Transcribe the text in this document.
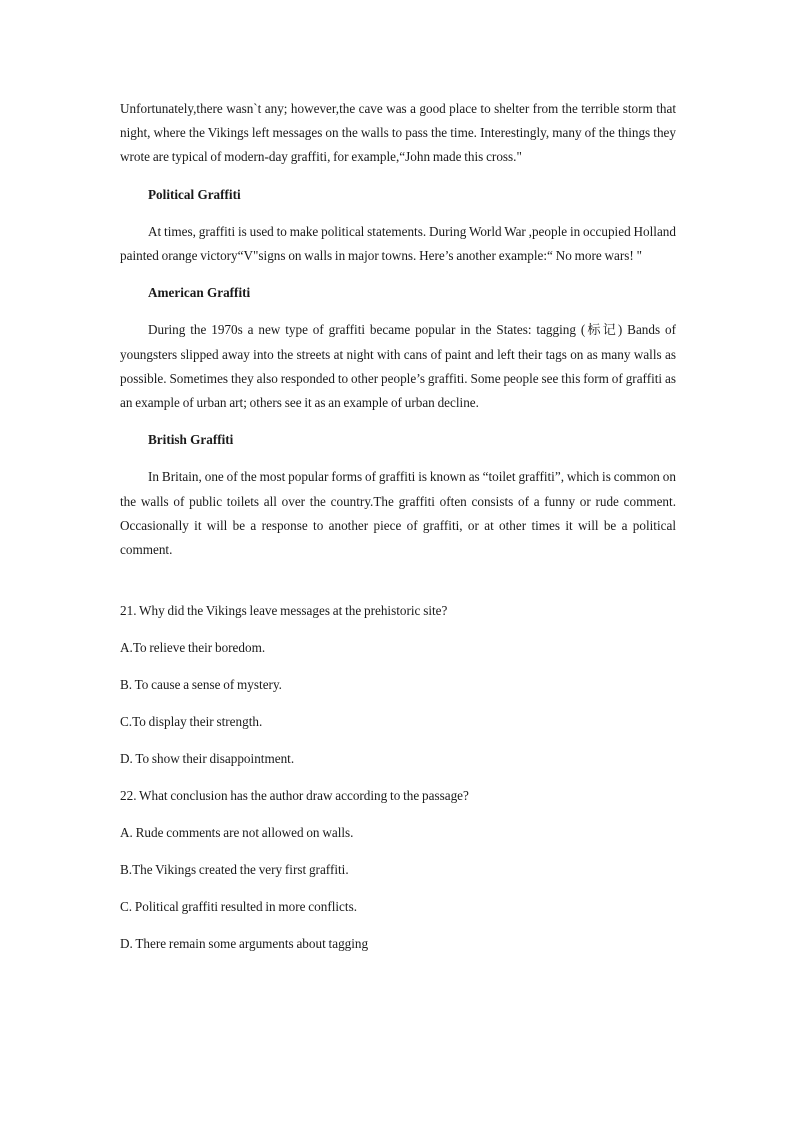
Unfortunately,there wasn`t any; however,the cave was a good place to shelter from the terrible storm that night, where the Vikings left messages on the walls to pass the time. Interestingly, many of the things they wrote are typical of modern-day graffiti, for example,“John made this cross."

Political Graffiti

At times, graffiti is used to make political statements. During World War ,people in occupied Holland painted orange victory“V"signs on walls in major towns. Here’s another example:“ No more wars! "

American Graffiti

During the 1970s a new type of graffiti became popular in the States: tagging (标记) Bands of youngsters slipped away into the streets at night with cans of paint and left their tags on as many walls as possible. Sometimes they also responded to other people’s graffiti. Some people see this form of graffiti as an example of urban art; others see it as an example of urban decline.

British Graffiti

In Britain, one of the most popular forms of graffiti is known as “toilet graffiti”, which is common on the walls of public toilets all over the country.The graffiti often consists of a funny or rude comment. Occasionally it will be a response to another piece of graffiti, or at other times it will be a political comment.

21. Why did the Vikings leave messages at the prehistoric site?

A.To relieve their boredom.

B. To cause a sense of mystery.

C.To display their strength.

D. To show their disappointment.

22. What conclusion has the author draw according to the passage?

A. Rude comments are not allowed on walls.

B.The Vikings created the very first graffiti.

C. Political graffiti resulted in more conflicts.

D. There remain some arguments about tagging
